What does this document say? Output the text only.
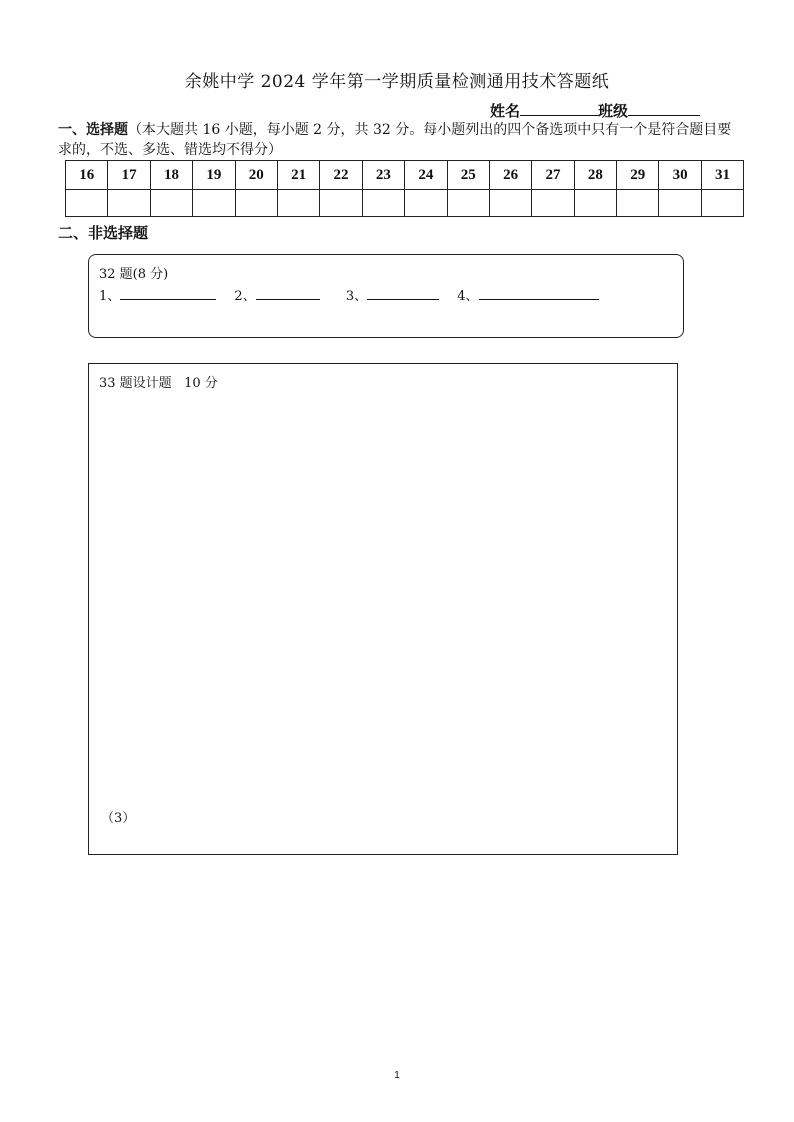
余姚中学 2024 学年第一学期质量检测通用技术答题纸
姓名	班级
一、选择题（本大题共 16 小题，每小题 2 分，共 32 分。每小题列出的四个备选项中只有一个是符合题目要求的，不选、多选、错选均不得分）
16	17	18	19	20	21	22	23	24	25	26	27	28	29	30	31

二、非选择题
32 题(8 分)
1、	2、	3、	4、
33 题设计题   10 分
（3）
1
